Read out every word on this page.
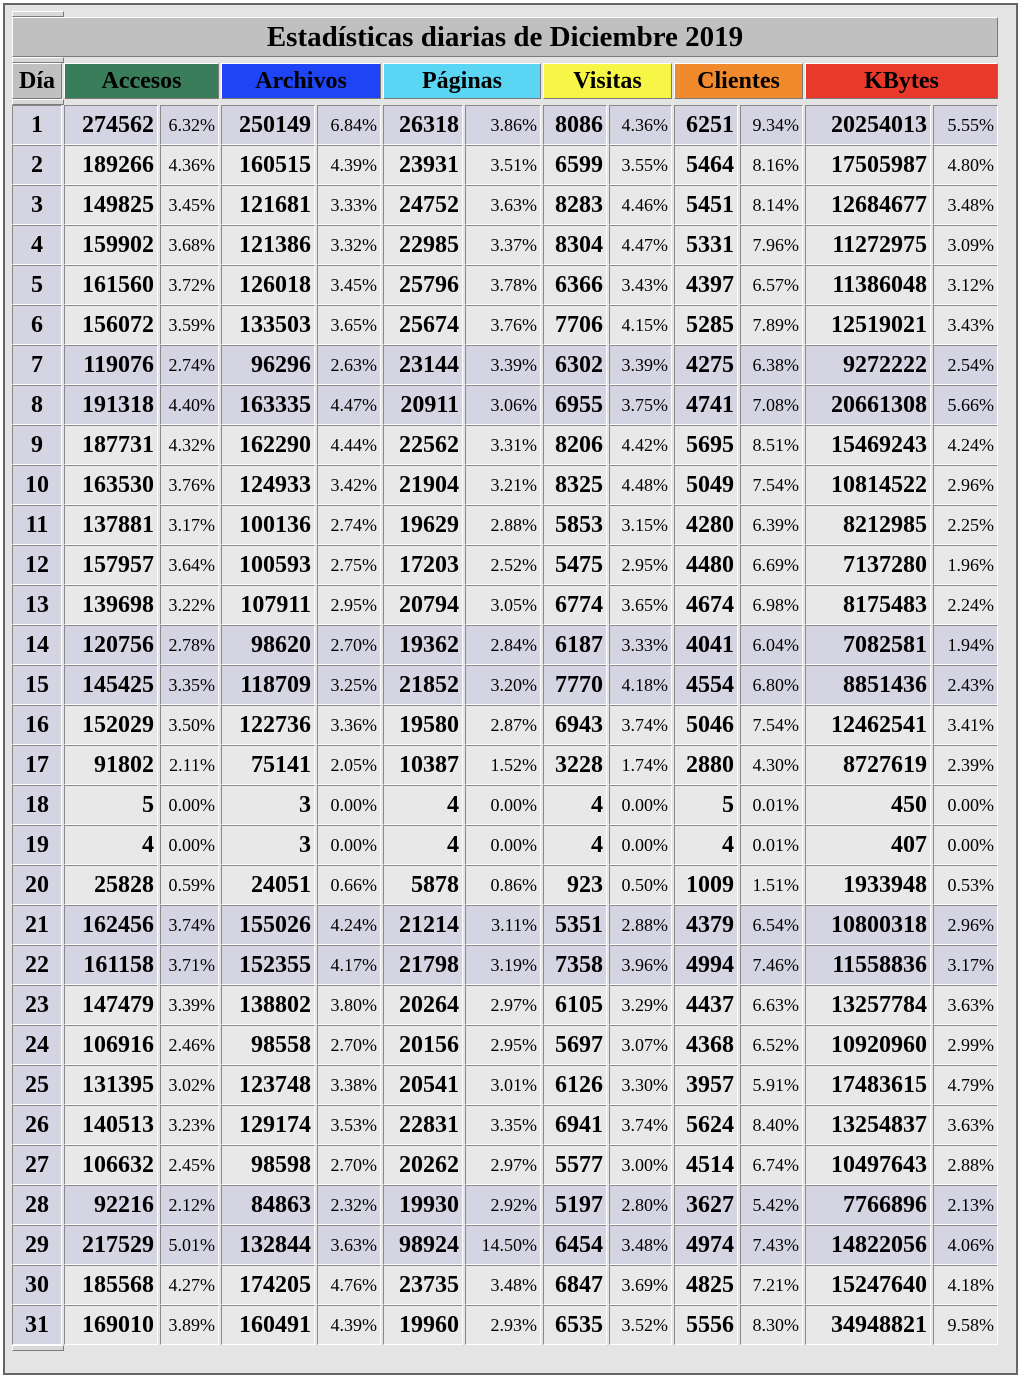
Estadísticas diarias de Diciembre 2019												

Día	Accesos		Archivos		Páginas		Visitas		Clientes		KBytes	

1	274562	6.32%	250149	6.84%	26318	3.86%	8086	4.36%	6251	9.34%	20254013	5.55%
2	189266	4.36%	160515	4.39%	23931	3.51%	6599	3.55%	5464	8.16%	17505987	4.80%
3	149825	3.45%	121681	3.33%	24752	3.63%	8283	4.46%	5451	8.14%	12684677	3.48%
4	159902	3.68%	121386	3.32%	22985	3.37%	8304	4.47%	5331	7.96%	11272975	3.09%
5	161560	3.72%	126018	3.45%	25796	3.78%	6366	3.43%	4397	6.57%	11386048	3.12%
6	156072	3.59%	133503	3.65%	25674	3.76%	7706	4.15%	5285	7.89%	12519021	3.43%
7	119076	2.74%	96296	2.63%	23144	3.39%	6302	3.39%	4275	6.38%	9272222	2.54%
8	191318	4.40%	163335	4.47%	20911	3.06%	6955	3.75%	4741	7.08%	20661308	5.66%
9	187731	4.32%	162290	4.44%	22562	3.31%	8206	4.42%	5695	8.51%	15469243	4.24%
10	163530	3.76%	124933	3.42%	21904	3.21%	8325	4.48%	5049	7.54%	10814522	2.96%
11	137881	3.17%	100136	2.74%	19629	2.88%	5853	3.15%	4280	6.39%	8212985	2.25%
12	157957	3.64%	100593	2.75%	17203	2.52%	5475	2.95%	4480	6.69%	7137280	1.96%
13	139698	3.22%	107911	2.95%	20794	3.05%	6774	3.65%	4674	6.98%	8175483	2.24%
14	120756	2.78%	98620	2.70%	19362	2.84%	6187	3.33%	4041	6.04%	7082581	1.94%
15	145425	3.35%	118709	3.25%	21852	3.20%	7770	4.18%	4554	6.80%	8851436	2.43%
16	152029	3.50%	122736	3.36%	19580	2.87%	6943	3.74%	5046	7.54%	12462541	3.41%
17	91802	2.11%	75141	2.05%	10387	1.52%	3228	1.74%	2880	4.30%	8727619	2.39%
18	5	0.00%	3	0.00%	4	0.00%	4	0.00%	5	0.01%	450	0.00%
19	4	0.00%	3	0.00%	4	0.00%	4	0.00%	4	0.01%	407	0.00%
20	25828	0.59%	24051	0.66%	5878	0.86%	923	0.50%	1009	1.51%	1933948	0.53%
21	162456	3.74%	155026	4.24%	21214	3.11%	5351	2.88%	4379	6.54%	10800318	2.96%
22	161158	3.71%	152355	4.17%	21798	3.19%	7358	3.96%	4994	7.46%	11558836	3.17%
23	147479	3.39%	138802	3.80%	20264	2.97%	6105	3.29%	4437	6.63%	13257784	3.63%
24	106916	2.46%	98558	2.70%	20156	2.95%	5697	3.07%	4368	6.52%	10920960	2.99%
25	131395	3.02%	123748	3.38%	20541	3.01%	6126	3.30%	3957	5.91%	17483615	4.79%
26	140513	3.23%	129174	3.53%	22831	3.35%	6941	3.74%	5624	8.40%	13254837	3.63%
27	106632	2.45%	98598	2.70%	20262	2.97%	5577	3.00%	4514	6.74%	10497643	2.88%
28	92216	2.12%	84863	2.32%	19930	2.92%	5197	2.80%	3627	5.42%	7766896	2.13%
29	217529	5.01%	132844	3.63%	98924	14.50%	6454	3.48%	4974	7.43%	14822056	4.06%
30	185568	4.27%	174205	4.76%	23735	3.48%	6847	3.69%	4825	7.21%	15247640	4.18%
31	169010	3.89%	160491	4.39%	19960	2.93%	6535	3.52%	5556	8.30%	34948821	9.58%
